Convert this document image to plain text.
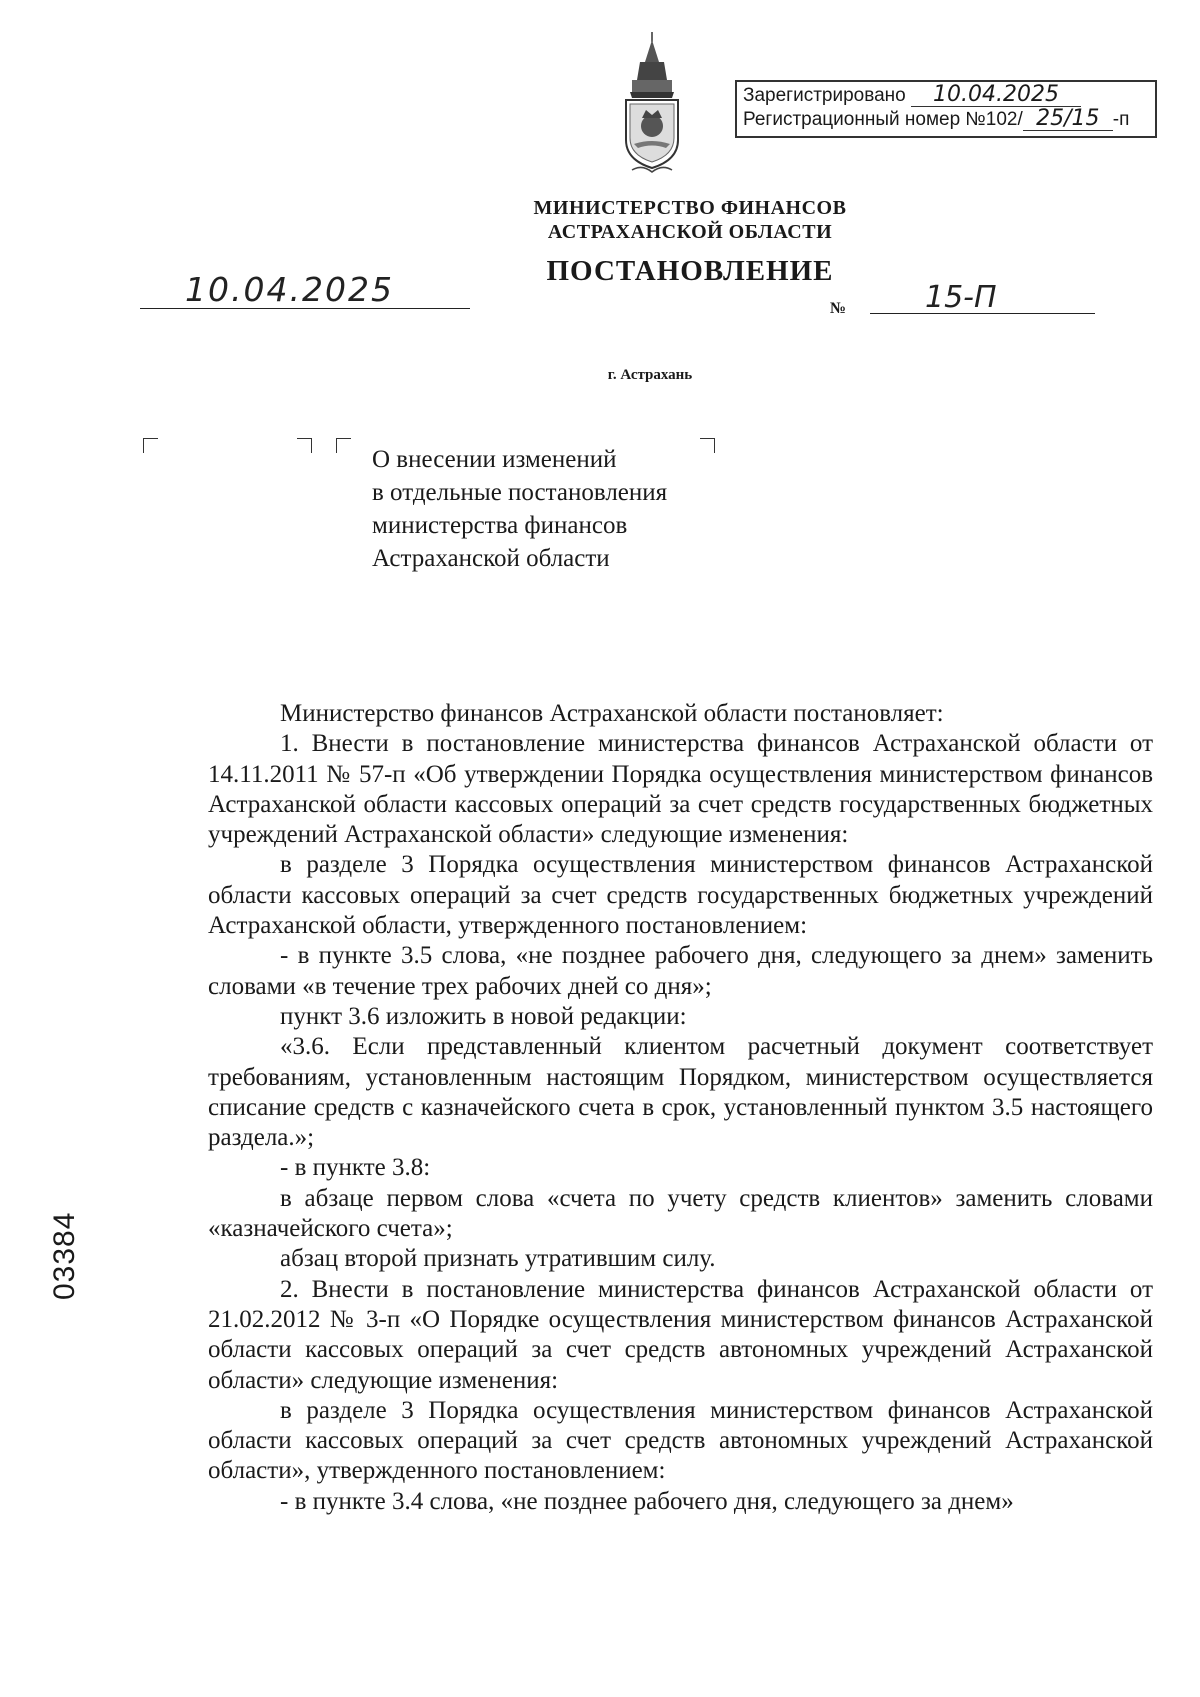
Зарегистрировано 10.04.2025
Регистрационный номер №102/ 25/15 -п
МИНИСТЕРСТВО ФИНАНСОВ
АСТРАХАНСКОЙ ОБЛАСТИ
ПОСТАНОВЛЕНИЕ
10.04.2025	№	15-П
г. Астрахань
О внесении изменений
в отдельные постановления
министерства финансов
Астраханской области

Министерство финансов Астраханской области постановляет:

1. Внести в постановление министерства финансов Астраханской области от 14.11.2011 № 57-п «Об утверждении Порядка осуществления министерством финансов Астраханской области кассовых операций за счет средств государственных бюджетных учреждений Астраханской области» следующие изменения:

в разделе 3 Порядка осуществления министерством финансов Астраханской области кассовых операций за счет средств государственных бюджетных учреждений Астраханской области, утвержденного постановлением:

- в пункте 3.5 слова, «не позднее рабочего дня, следующего за днем» заменить словами «в течение трех рабочих дней со дня»;

пункт 3.6 изложить в новой редакции:

«3.6. Если представленный клиентом расчетный документ соответствует требованиям, установленным настоящим Порядком, министерством осуществляется списание средств с казначейского счета в срок, установленный пунктом 3.5 настоящего раздела.»;

- в пункте 3.8:

в абзаце первом слова «счета по учету средств клиентов» заменить словами «казначейского счета»;

абзац второй признать утратившим силу.

2. Внести в постановление министерства финансов Астраханской области от 21.02.2012 № 3-п «О Порядке осуществления министерством финансов Астраханской области кассовых операций за счет средств автономных учреждений Астраханской области» следующие изменения:

в разделе 3 Порядка осуществления министерством финансов Астраханской области кассовых операций за счет средств автономных учреждений Астраханской области», утвержденного постановлением:

- в пункте 3.4 слова, «не позднее рабочего дня, следующего за днем»

03384
